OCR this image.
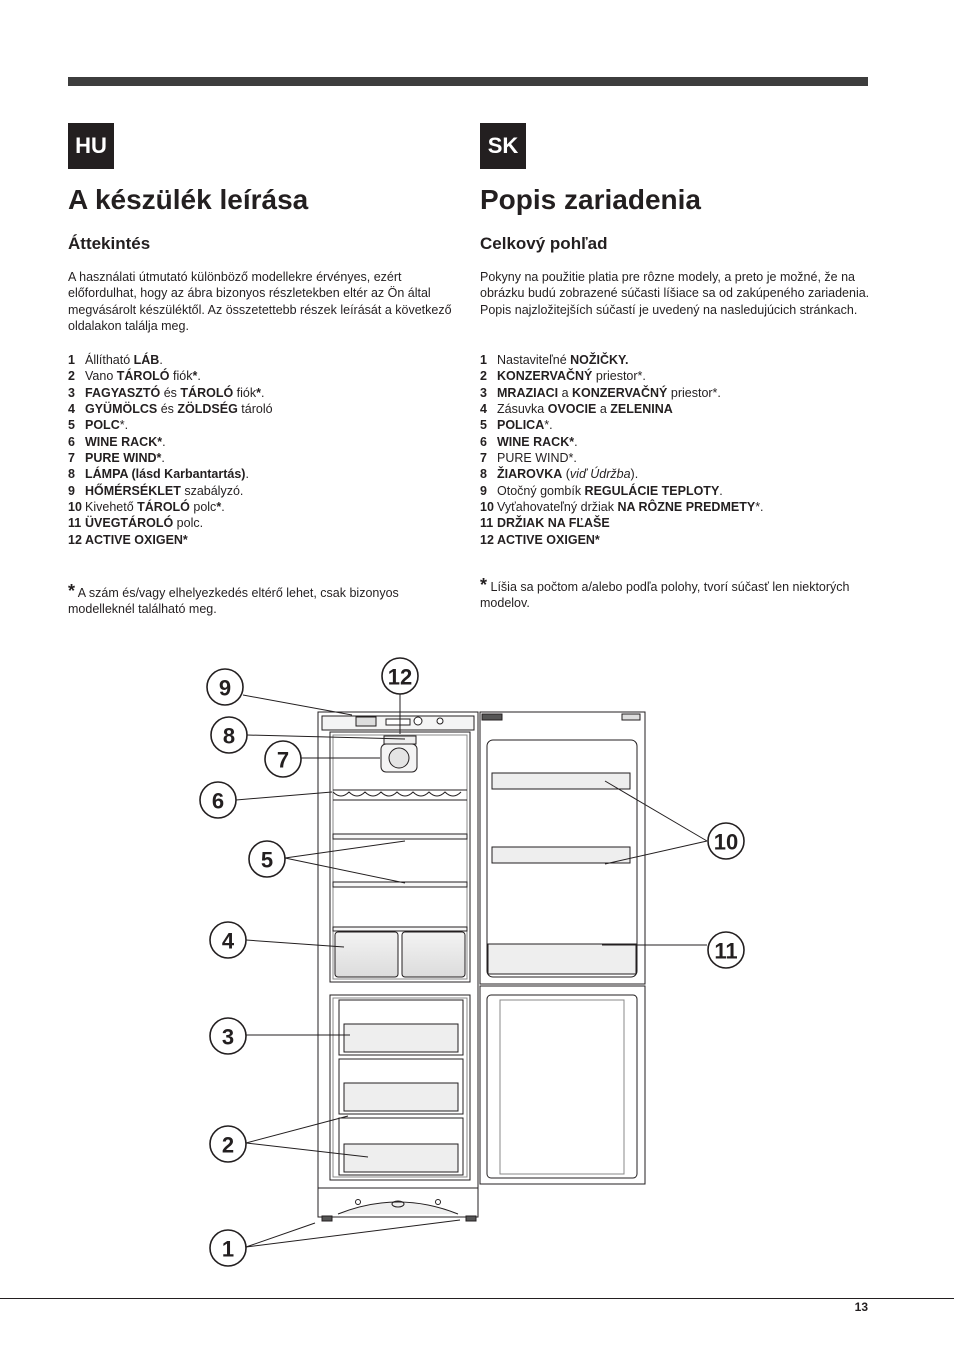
HU
A készülék leírása
Áttekintés

A használati útmutató különböző modellekre érvényes, ezért előfordulhat, hogy az ábra bizonyos részletekben eltér az Ön által megvásárolt készüléktől. Az összetettebb részek leírását a következő oldalakon találja meg.

1 Állítható LÁB.
2 Vano TÁROLÓ fiók*.
3 FAGYASZTÓ és TÁROLÓ fiók*.
4 GYÜMÖLCS és ZÖLDSÉG tároló
5 POLC*.
6 WINE RACK*.
7 PURE WIND*.
8 LÁMPA (lásd Karbantartás).
9 HŐMÉRSÉKLET szabályzó.
10 Kivehető TÁROLÓ polc*.
11 ÜVEGTÁROLÓ polc.
12 ACTIVE OXIGEN*

* A szám és/vagy elhelyezkedés eltérő lehet, csak bizonyos modelleknél található meg.

SK
Popis zariadenia
Celkový pohľad

Pokyny na použitie platia pre rôzne modely, a preto je možné, že na obrázku budú zobrazené súčasti líšiace sa od zakúpeného zariadenia. Popis najzložitejších súčastí je uvedený na nasledujúcich stránkach.

1 Nastaviteľné NOŽIČKY.
2 KONZERVAČNÝ priestor*.
3 MRAZIACI a KONZERVAČNÝ priestor*.
4 Zásuvka OVOCIE a ZELENINA
5 POLICA*.
6 WINE RACK*.
7 PURE WIND*.
8 ŽIAROVKA (viď Údržba).
9 Otočný gombík REGULÁCIE TEPLOTY.
10 Vyťahovateľný držiak NA RÔZNE PREDMETY*.
11 DRŽIAK NA FĽAŠE
12 ACTIVE OXIGEN*

* Líšia sa počtom a/alebo podľa polohy, tvorí súčasť len niektorých modelov.

9	12
8
7
6
5
4
3
2
1
10
11
13
